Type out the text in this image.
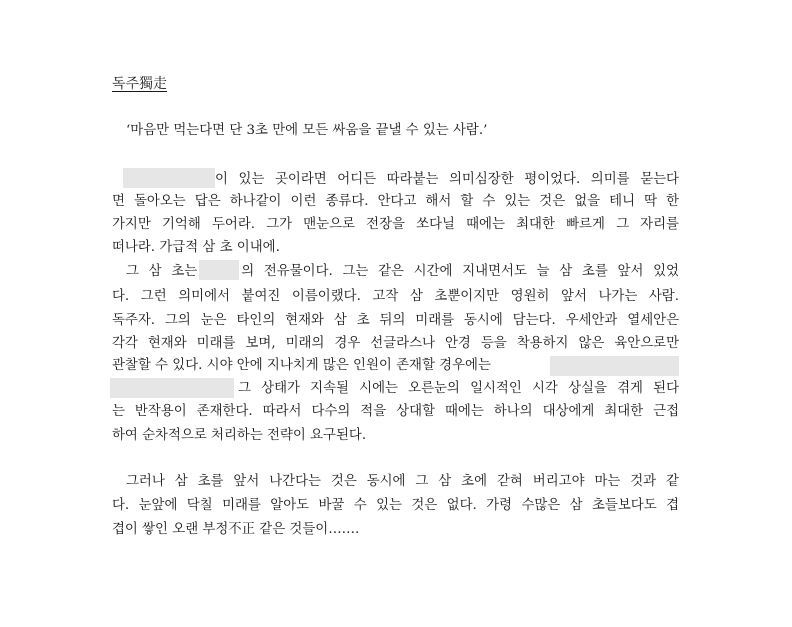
독주獨走
‘마음만 먹는다면 단 3초 만에 모든 싸움을 끝낼 수 있는 사람.’
이 있는 곳이라면 어디든 따라붙는 의미심장한 평이었다. 의미를 묻는다
면 돌아오는 답은 하나같이 이런 종류다. 안다고 해서 할 수 있는 것은 없을 테니 딱 한
가지만 기억해 두어라. 그가 맨눈으로 전장을 쏘다닐 때에는 최대한 빠르게 그 자리를
떠나라. 가급적 삼 초 이내에.
그 삼 초는	의 전유물이다. 그는 같은 시간에 지내면서도 늘 삼 초를 앞서 있었
다. 그런 의미에서 붙여진 이름이랬다. 고작 삼 초뿐이지만 영원히 앞서 나가는 사람.
독주자. 그의 눈은 타인의 현재와 삼 초 뒤의 미래를 동시에 담는다. 우세안과 열세안은
각각 현재와 미래를 보며, 미래의 경우 선글라스나 안경 등을 착용하지 않은 육안으로만
관찰할 수 있다. 시야 안에 지나치게 많은 인원이 존재할 경우에는
그 상태가 지속될 시에는 오른눈의 일시적인 시각 상실을 겪게 된다
는 반작용이 존재한다. 따라서 다수의 적을 상대할 때에는 하나의 대상에게 최대한 근접
하여 순차적으로 처리하는 전략이 요구된다.
그러나 삼 초를 앞서 나간다는 것은 동시에 그 삼 초에 갇혀 버리고야 마는 것과 같
다. 눈앞에 닥칠 미래를 알아도 바꿀 수 있는 것은 없다. 가령 수많은 삼 초들보다도 겹
겹이 쌓인 오랜 부정不正 같은 것들이…….
